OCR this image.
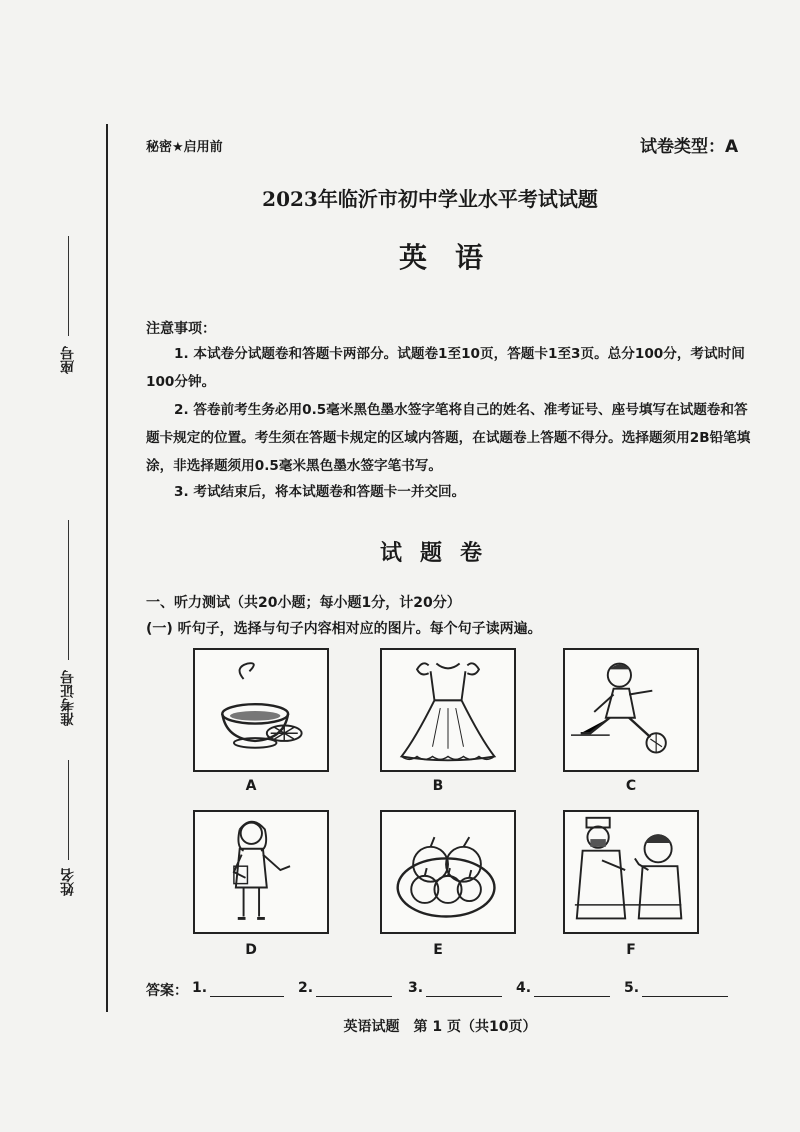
座号
准考证号
姓名
秘密★启用前	试卷类型：A
2023年临沂市初中学业水平考试试题
英语
注意事项：
1. 本试卷分试题卷和答题卡两部分。试题卷1至10页，答题卡1至3页。总分100分，考试时间100分钟。
2. 答卷前考生务必用0.5毫米黑色墨水签字笔将自己的姓名、准考证号、座号填写在试题卷和答题卡规定的位置。考生须在答题卡规定的区域内答题，在试题卷上答题不得分。选择题须用2B铅笔填涂，非选择题须用0.5毫米黑色墨水签字笔书写。
3. 考试结束后，将本试题卷和答题卡一并交回。
试题卷
一、听力测试（共20小题；每小题1分，计20分）
(一) 听句子，选择与句子内容相对应的图片。每个句子读两遍。
A	B	C
D	E	F
答案： 1.	2.	3.	4.	5.
英语试题　第 1 页（共10页）
